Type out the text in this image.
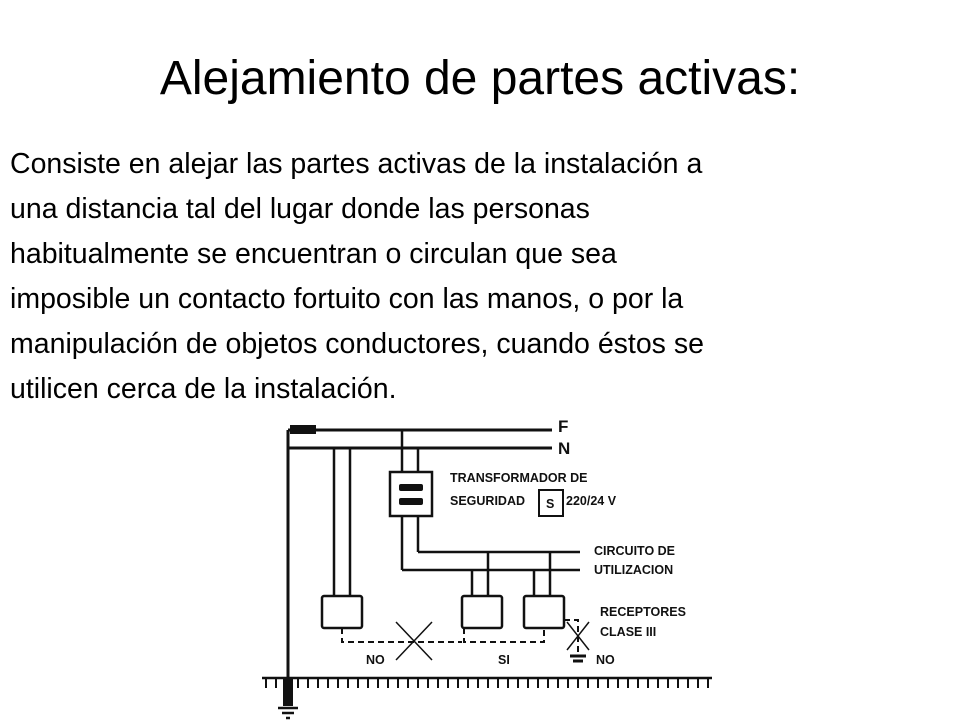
Alejamiento de partes activas:
Consiste en alejar las partes activas de la instalación a
una distancia tal del lugar donde las personas
habitualmente se encuentran o circulan que sea
imposible un contacto fortuito con las manos, o por la
manipulación de objetos conductores, cuando éstos se
utilicen cerca de la instalación.
F
N
TRANSFORMADOR DE
SEGURIDAD S 220/24 V
CIRCUITO DE
UTILIZACION
RECEPTORES
CLASE III
NO	SI	NO
